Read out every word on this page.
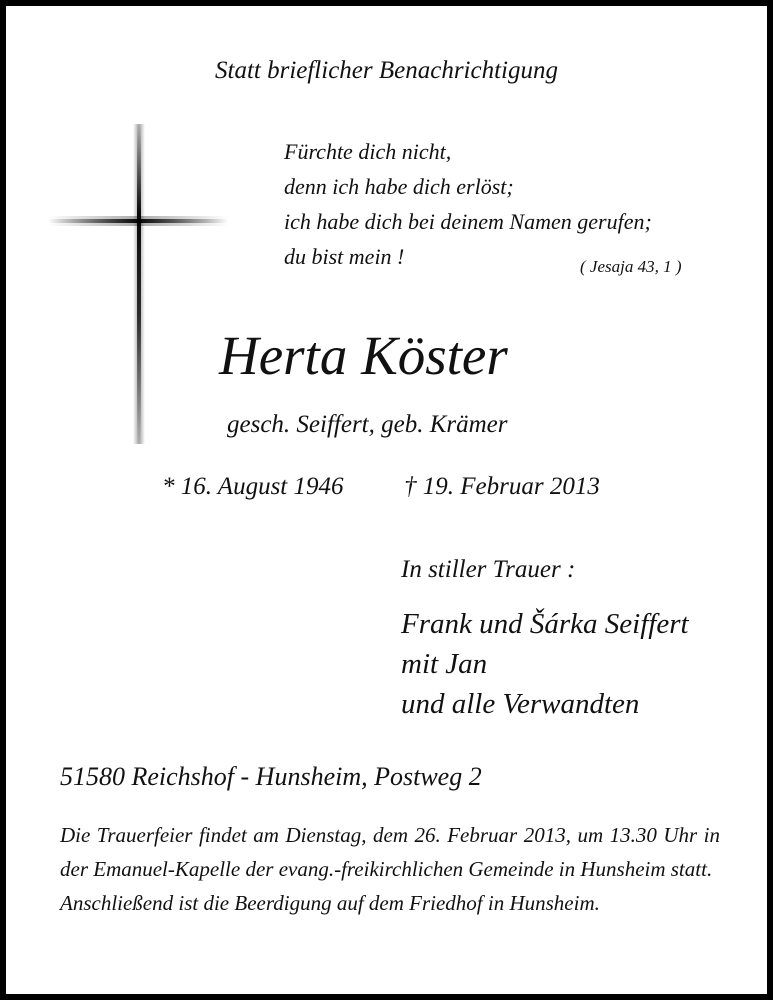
Statt brieflicher Benachrichtigung

Fürchte dich nicht,
denn ich habe dich erlöst;
ich habe dich bei deinem Namen gerufen;
du bist mein !	( Jesaja 43, 1 )

Herta Köster

gesch. Seiffert, geb. Krämer

* 16. August 1946 † 19. Februar 2013

In stiller Trauer :

Frank und Šárka Seiffert
mit Jan
und alle Verwandten

51580 Reichshof - Hunsheim, Postweg 2

Die Trauerfeier findet am Dienstag, dem 26. Februar 2013, um 13.30 Uhr in der Emanuel-Kapelle der evang.-freikirchlichen Gemeinde in Hunsheim statt.
Anschließend ist die Beerdigung auf dem Friedhof in Hunsheim.
